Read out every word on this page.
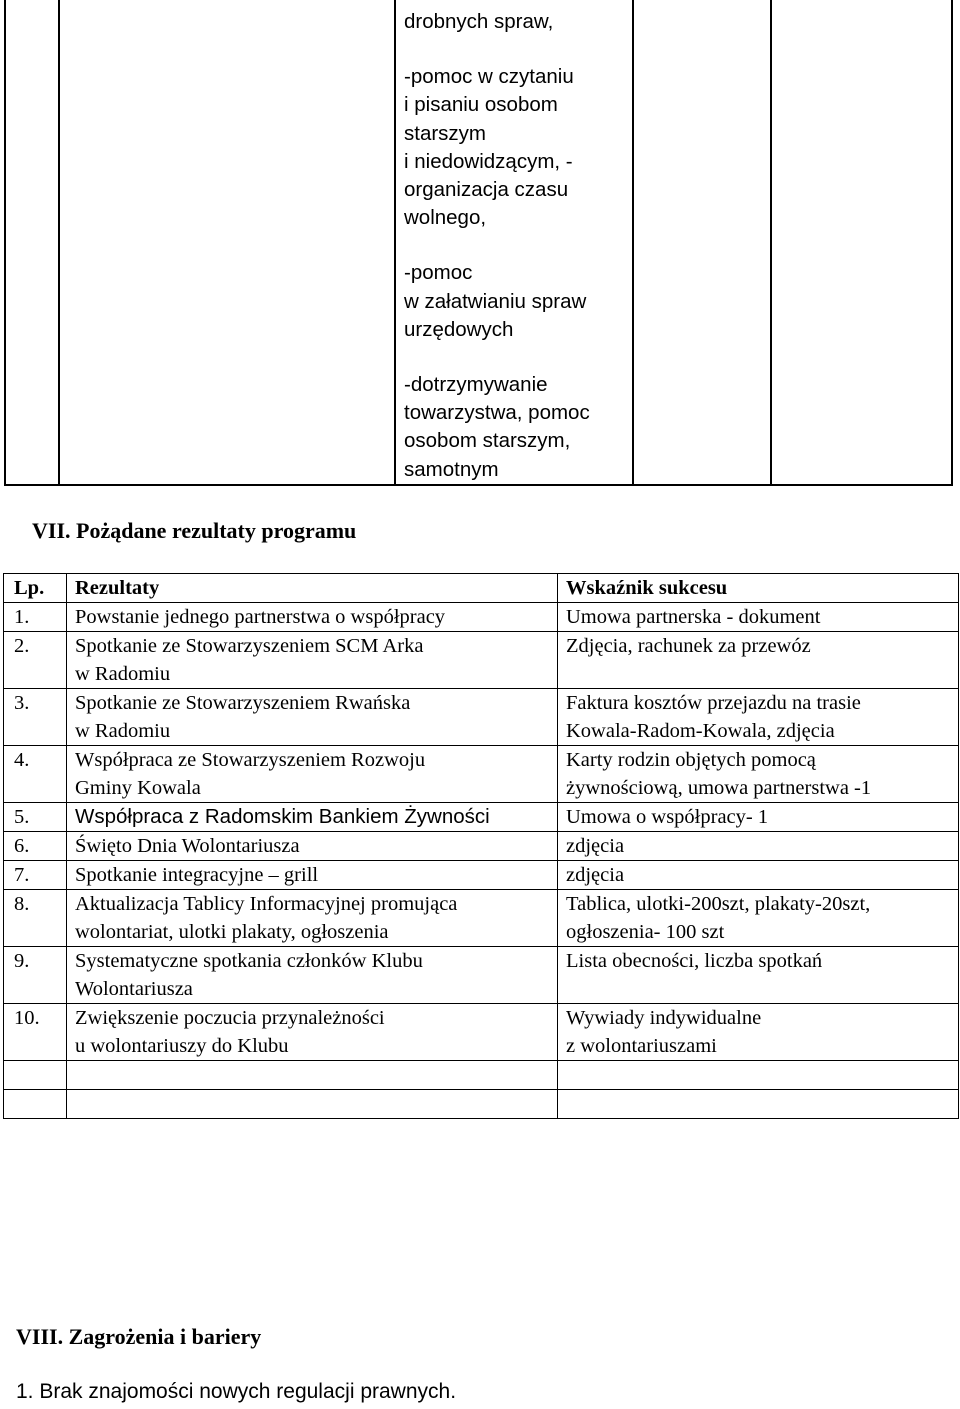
drobnych spraw,

-pomoc w czytaniu
i pisaniu osobom
starszym
i niedowidzącym, -
organizacja czasu
wolnego,

-pomoc
w załatwianiu spraw
urzędowych

-dotrzymywanie
towarzystwa, pomoc
osobom starszym,
samotnym

VII. Pożądane rezultaty programu
Lp.	Rezultaty	Wskaźnik sukcesu
1.	Powstanie jednego partnerstwa o współpracy	Umowa partnerska - dokument
2.	Spotkanie ze Stowarzyszeniem SCM Arka
w Radomiu	Zdjęcia, rachunek za przewóz
3.	Spotkanie ze Stowarzyszeniem Rwańska
w Radomiu	Faktura kosztów przejazdu na trasie
Kowala-Radom-Kowala, zdjęcia
4.	Współpraca ze Stowarzyszeniem Rozwoju
Gminy Kowala	Karty rodzin objętych pomocą
żywnościową, umowa partnerstwa -1
5.	Współpraca z Radomskim Bankiem Żywności	Umowa o współpracy- 1
6.	Święto Dnia Wolontariusza	zdjęcia
7.	Spotkanie integracyjne – grill	zdjęcia
8.	Aktualizacja Tablicy Informacyjnej promująca
wolontariat, ulotki plakaty, ogłoszenia	Tablica, ulotki-200szt, plakaty-20szt,
ogłoszenia- 100 szt
9.	Systematyczne spotkania członków Klubu
Wolontariusza	Lista obecności, liczba spotkań
10.	Zwiększenie poczucia przynależności
u wolontariuszy do Klubu	Wywiady indywidualne
z wolontariuszami

VIII. Zagrożenia i bariery
1. Brak znajomości nowych regulacji prawnych.
